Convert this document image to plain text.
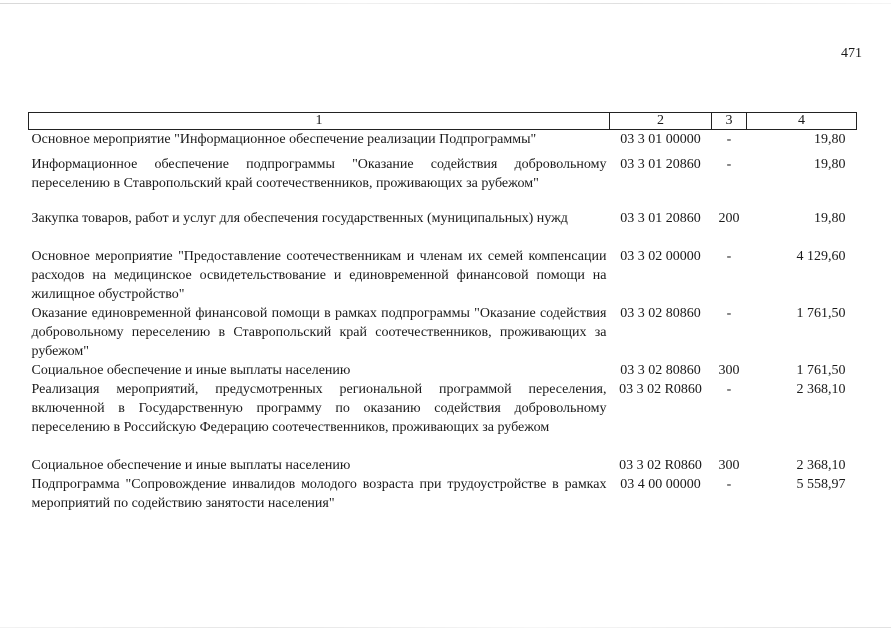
471
1	2	3	4
Основное мероприятие "Информационное обеспечение реализации Подпрограммы"	03 3 01 00000	-	19,80
Информационное обеспечение подпрограммы "Оказание содействия добровольному переселению в Ставропольский край соотечественников, проживающих за рубежом"	03 3 01 20860	-	19,80
Закупка товаров, работ и услуг для обеспечения государственных (муниципальных) нужд	03 3 01 20860	200	19,80
Основное мероприятие "Предоставление соотечественникам и членам их семей компенсации расходов на медицинское освидетельствование и единовременной финансовой помощи на жилищное обустройство"	03 3 02 00000	-	4 129,60
Оказание единовременной финансовой помощи в рамках подпрограммы "Оказание содействия добровольному переселению в Ставропольский край соотечественников, проживающих за рубежом"	03 3 02 80860	-	1 761,50
Социальное обеспечение и иные выплаты населению	03 3 02 80860	300	1 761,50
Реализация мероприятий, предусмотренных региональной программой переселения, включенной в Государственную программу по оказанию содействия добровольному переселению в Российскую Федерацию соотечественников, проживающих за рубежом	03 3 02 R0860	-	2 368,10
Социальное обеспечение и иные выплаты населению	03 3 02 R0860	300	2 368,10
Подпрограмма "Сопровождение инвалидов молодого возраста при трудоустройстве в рамках мероприятий по содействию занятости населения"	03 4 00 00000	-	5 558,97
